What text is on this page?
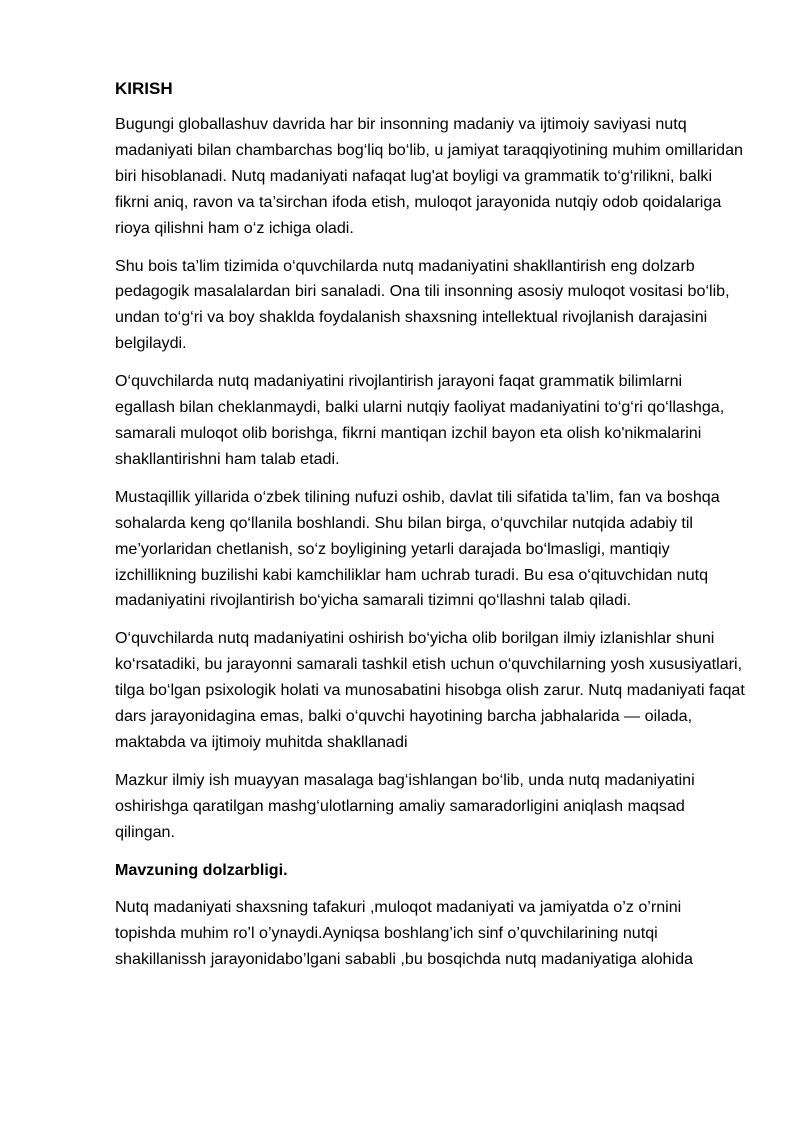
KIRISH

Bugungi globallashuv davrida har bir insonning madaniy va ijtimoiy saviyasi nutq madaniyati bilan chambarchas bog‘liq bo‘lib, u jamiyat taraqqiyotining muhim omillaridan biri hisoblanadi. Nutq madaniyati nafaqat lug'at boyligi va grammatik to‘g‘rilikni, balki fikrni aniq, ravon va ta’sirchan ifoda etish, muloqot jarayonida nutqiy odob qoidalariga rioya qilishni ham o‘z ichiga oladi.

Shu bois ta’lim tizimida o‘quvchilarda nutq madaniyatini shakllantirish eng dolzarb pedagogik masalalardan biri sanaladi. Ona tili insonning asosiy muloqot vositasi bo‘lib, undan to‘g‘ri va boy shaklda foydalanish shaxsning intellektual rivojlanish darajasini belgilaydi.

O‘quvchilarda nutq madaniyatini rivojlantirish jarayoni faqat grammatik bilimlarni egallash bilan cheklanmaydi, balki ularni nutqiy faoliyat madaniyatini to‘g‘ri qo‘llashga, samarali muloqot olib borishga, fikrni mantiqan izchil bayon eta olish ko'nikmalarini shakllantirishni ham talab etadi.

Mustaqillik yillarida o‘zbek tilining nufuzi oshib, davlat tili sifatida ta’lim, fan va boshqa sohalarda keng qo‘llanila boshlandi. Shu bilan birga, o‘quvchilar nutqida adabiy til me’yorlaridan chetlanish, so‘z boyligining yetarli darajada bo‘lmasligi, mantiqiy izchillikning buzilishi kabi kamchiliklar ham uchrab turadi. Bu esa o‘qituvchidan nutq madaniyatini rivojlantirish bo‘yicha samarali tizimni qo‘llashni talab qiladi.

O‘quvchilarda nutq madaniyatini oshirish bo‘yicha olib borilgan ilmiy izlanishlar shuni ko‘rsatadiki, bu jarayonni samarali tashkil etish uchun o‘quvchilarning yosh xususiyatlari, tilga bo‘lgan psixologik holati va munosabatini hisobga olish zarur. Nutq madaniyati faqat dars jarayonidagina emas, balki o‘quvchi hayotining barcha jabhalarida — oilada, maktabda va ijtimoiy muhitda shakllanadi

Mazkur ilmiy ish muayyan masalaga bag‘ishlangan bo‘lib, unda nutq madaniyatini oshirishga qaratilgan mashg‘ulotlarning amaliy samaradorligini aniqlash maqsad qilingan.

Mavzuning dolzarbligi.

Nutq madaniyati shaxsning tafakuri ,muloqot madaniyati va jamiyatda o’z o’rnini topishda muhim ro’l o’ynaydi.Ayniqsa boshlang’ich sinf o’quvchilarining nutqi shakillanissh jarayonidabo’lgani sababli ,bu bosqichda nutq madaniyatiga alohida
